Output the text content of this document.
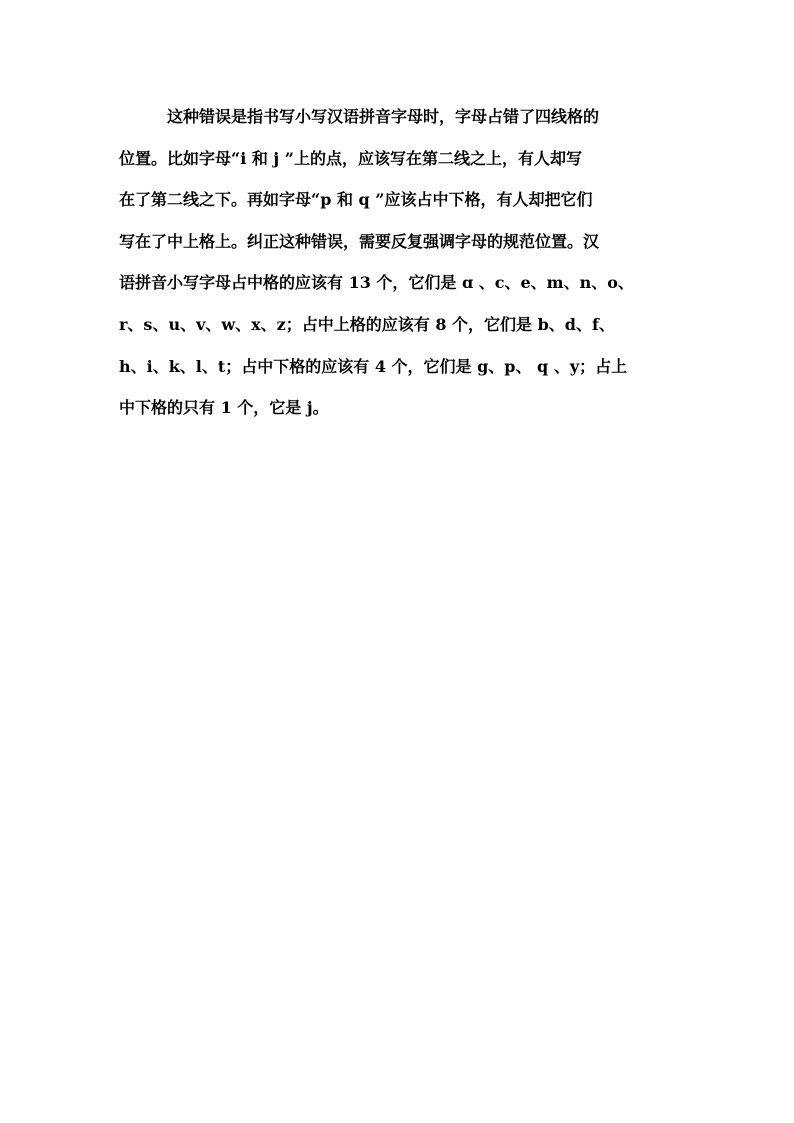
这种错误是指书写小写汉语拼音字母时，字母占错了四线格的
位置。比如字母“i 和 j ”上的点，应该写在第二线之上，有人却写
在了第二线之下。再如字母“p 和 q ”应该占中下格，有人却把它们
写在了中上格上。纠正这种错误，需要反复强调字母的规范位置。汉
语拼音小写字母占中格的应该有 13 个，它们是 ɑ 、c、e、m、n、o、
r、s、u、v、w、x、z；占中上格的应该有 8 个，它们是 b、d、f、
h、i、k、l、t；占中下格的应该有 4 个，它们是 g、p、 q 、y；占上
中下格的只有 1 个，它是 j。
